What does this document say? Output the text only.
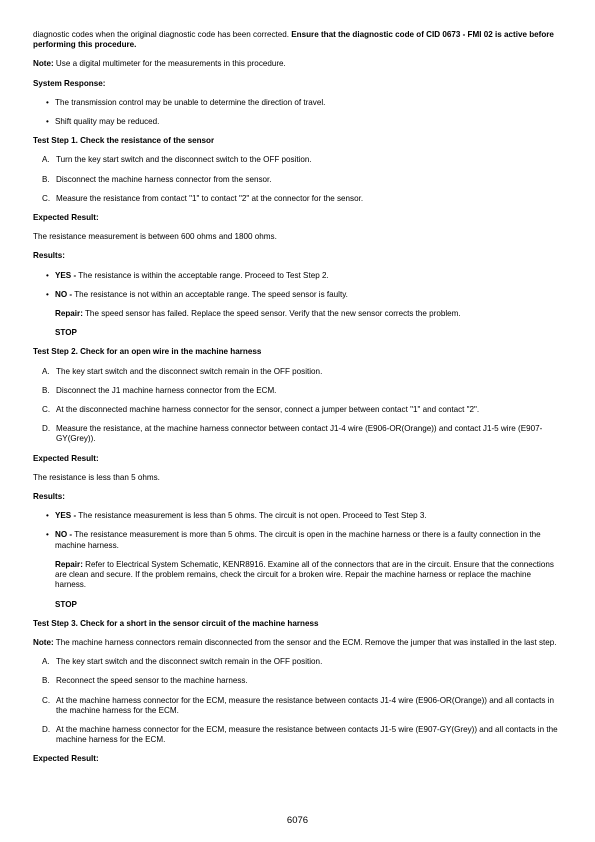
diagnostic codes when the original diagnostic code has been corrected. Ensure that the diagnostic code of CID 0673 - FMI 02 is active before performing this procedure.

Note: Use a digital multimeter for the measurements in this procedure.

System Response:

• The transmission control may be unable to determine the direction of travel.
• Shift quality may be reduced.

Test Step 1. Check the resistance of the sensor

A. Turn the key start switch and the disconnect switch to the OFF position.
B. Disconnect the machine harness connector from the sensor.
C. Measure the resistance from contact "1" to contact "2" at the connector for the sensor.

Expected Result:

The resistance measurement is between 600 ohms and 1800 ohms.

Results:

• YES - The resistance is within the acceptable range. Proceed to Test Step 2.
• NO - The resistance is not within an acceptable range. The speed sensor is faulty.

Repair: The speed sensor has failed. Replace the speed sensor. Verify that the new sensor corrects the problem.

STOP

Test Step 2. Check for an open wire in the machine harness

A. The key start switch and the disconnect switch remain in the OFF position.
B. Disconnect the J1 machine harness connector from the ECM.
C. At the disconnected machine harness connector for the sensor, connect a jumper between contact "1" and contact "2".
D. Measure the resistance, at the machine harness connector between contact J1-4 wire (E906-OR(Orange)) and contact J1-5 wire (E907-GY(Grey)).

Expected Result:

The resistance is less than 5 ohms.

Results:

• YES - The resistance measurement is less than 5 ohms. The circuit is not open. Proceed to Test Step 3.
• NO - The resistance measurement is more than 5 ohms. The circuit is open in the machine harness or there is a faulty connection in the machine harness.

Repair: Refer to Electrical System Schematic, KENR8916. Examine all of the connectors that are in the circuit. Ensure that the connections are clean and secure. If the problem remains, check the circuit for a broken wire. Repair the machine harness or replace the machine harness.

STOP

Test Step 3. Check for a short in the sensor circuit of the machine harness

Note: The machine harness connectors remain disconnected from the sensor and the ECM. Remove the jumper that was installed in the last step.

A. The key start switch and the disconnect switch remain in the OFF position.
B. Reconnect the speed sensor to the machine harness.
C. At the machine harness connector for the ECM, measure the resistance between contacts J1-4 wire (E906-OR(Orange)) and all contacts in the machine harness for the ECM.
D. At the machine harness connector for the ECM, measure the resistance between contacts J1-5 wire (E907-GY(Grey)) and all contacts in the machine harness for the ECM.

Expected Result:

6076
